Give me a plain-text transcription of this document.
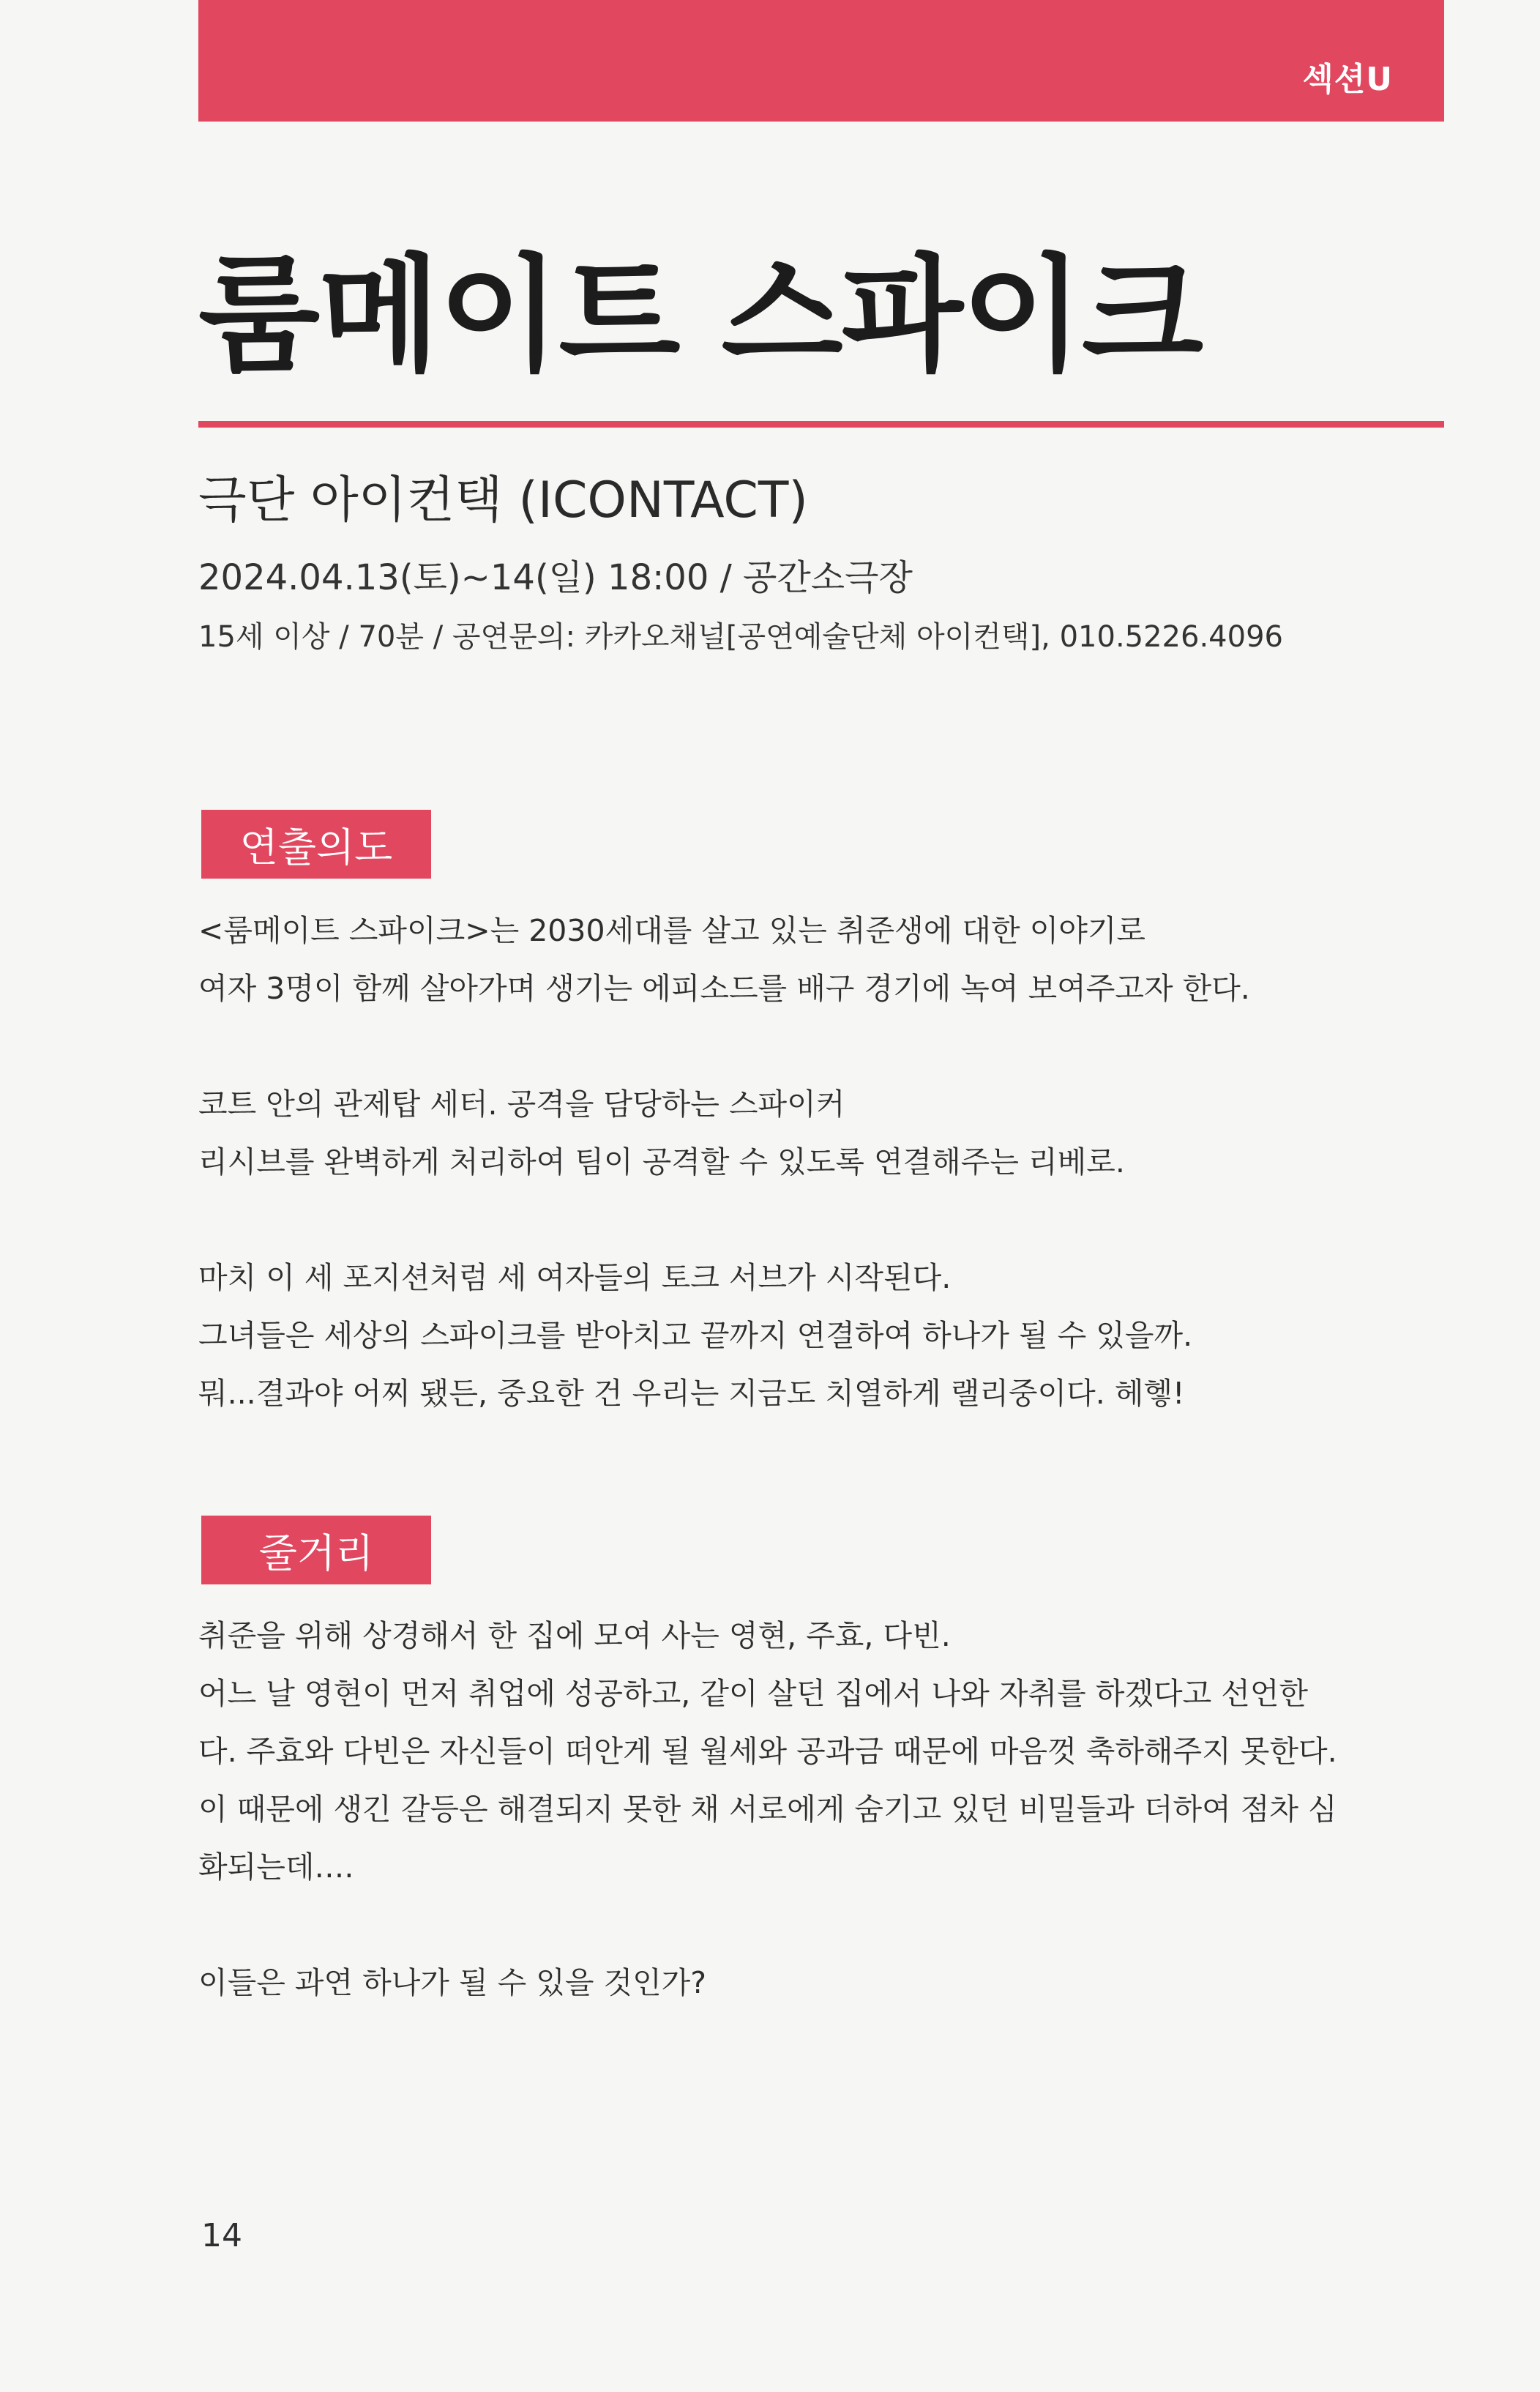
섹션U
룸메이트 스파이크
극단 아이컨택 (ICONTACT)
2024.04.13(토)~14(일) 18:00 / 공간소극장
15세 이상 / 70분 / 공연문의: 카카오채널[공연예술단체 아이컨택], 010.5226.4096
연출의도
<룸메이트 스파이크>는 2030세대를 살고 있는 취준생에 대한 이야기로
여자 3명이 함께 살아가며 생기는 에피소드를 배구 경기에 녹여 보여주고자 한다.

코트 안의 관제탑 세터. 공격을 담당하는 스파이커
리시브를 완벽하게 처리하여 팀이 공격할 수 있도록 연결해주는 리베로.

마치 이 세 포지션처럼 세 여자들의 토크 서브가 시작된다.
그녀들은 세상의 스파이크를 받아치고 끝까지 연결하여 하나가 될 수 있을까.
뭐...결과야 어찌 됐든, 중요한 건 우리는 지금도 치열하게 랠리중이다. 헤헿!
줄거리
취준을 위해 상경해서 한 집에 모여 사는 영현, 주효, 다빈.
어느 날 영현이 먼저 취업에 성공하고, 같이 살던 집에서 나와 자취를 하겠다고 선언한
다. 주효와 다빈은 자신들이 떠안게 될 월세와 공과금 때문에 마음껏 축하해주지 못한다.
이 때문에 생긴 갈등은 해결되지 못한 채 서로에게 숨기고 있던 비밀들과 더하여 점차 심
화되는데….

이들은 과연 하나가 될 수 있을 것인가?
14
